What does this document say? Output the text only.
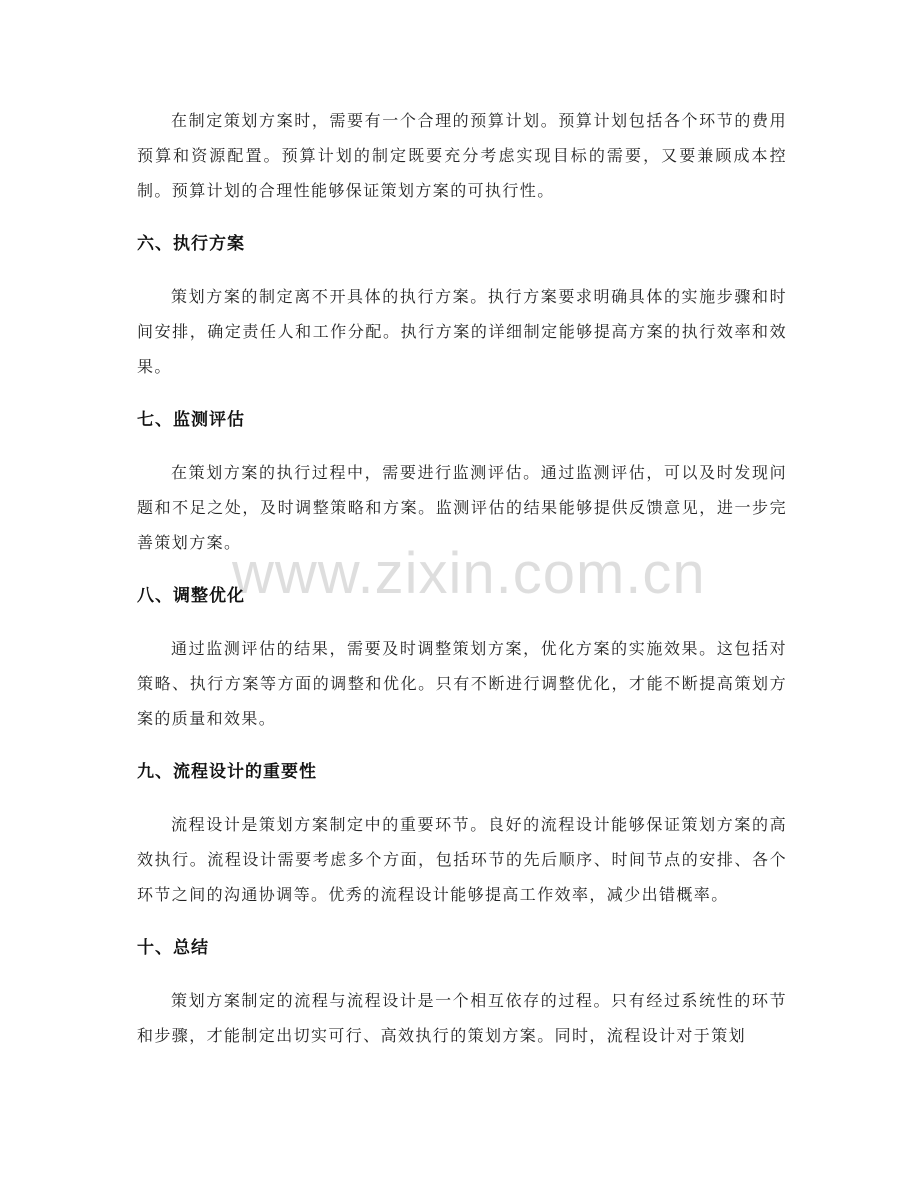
在制定策划方案时，需要有一个合理的预算计划。预算计划包括各个环节的费用预算和资源配置。预算计划的制定既要充分考虑实现目标的需要，又要兼顾成本控制。预算计划的合理性能够保证策划方案的可执行性。

六、执行方案

策划方案的制定离不开具体的执行方案。执行方案要求明确具体的实施步骤和时间安排，确定责任人和工作分配。执行方案的详细制定能够提高方案的执行效率和效果。

七、监测评估

在策划方案的执行过程中，需要进行监测评估。通过监测评估，可以及时发现问题和不足之处，及时调整策略和方案。监测评估的结果能够提供反馈意见，进一步完善策划方案。

八、调整优化

通过监测评估的结果，需要及时调整策划方案，优化方案的实施效果。这包括对策略、执行方案等方面的调整和优化。只有不断进行调整优化，才能不断提高策划方案的质量和效果。

九、流程设计的重要性

流程设计是策划方案制定中的重要环节。良好的流程设计能够保证策划方案的高效执行。流程设计需要考虑多个方面，包括环节的先后顺序、时间节点的安排、各个环节之间的沟通协调等。优秀的流程设计能够提高工作效率，减少出错概率。

十、总结

策划方案制定的流程与流程设计是一个相互依存的过程。只有经过系统性的环节和步骤，才能制定出切实可行、高效执行的策划方案。同时，流程设计对于策划

www.zixin.com.cn
